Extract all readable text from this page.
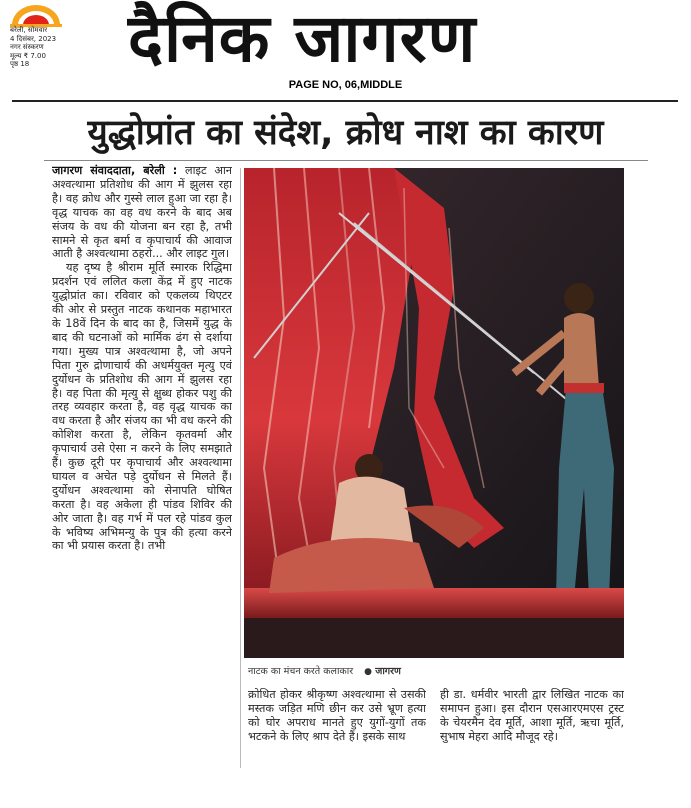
बरेली, सोमवार
4 दिसंबर, 2023
नगर संस्करण
मूल्य ₹ 7.00
पृष्ठ 18	दैनिक जागरण
PAGE NO, 06,MIDDLE
युद्धोप्रांत का संदेश, क्रोध नाश का कारण

जागरण संवाददाता, बरेली : लाइट आन अश्वत्थामा प्रतिशोध की आग में झुलस रहा है। वह क्रोध और गुस्से लाल हुआ जा रहा है। वृद्ध याचक का वह वध करने के बाद अब संजय के वध की योजना बन रहा है, तभी सामने से कृत बर्मा व कृपाचार्य की आवाज आती है अश्वत्थामा ठहरो... और लाइट गुल।

यह दृष्य है श्रीराम मूर्ति स्मारक रिद्धिमा प्रदर्शन एवं ललित कला केंद्र में हुए नाटक युद्धोप्रांत का। रविवार को एकलव्य थिएटर की ओर से प्रस्तुत नाटक कथानक महाभारत के 18वें दिन के बाद का है, जिसमें युद्ध के बाद की घटनाओं को मार्मिक ढंग से दर्शाया गया। मुख्य पात्र अश्वत्थामा है, जो अपने पिता गुरु द्रोणाचार्य की अधर्मयुक्त मृत्यु एवं दुर्योधन के प्रतिशोध की आग में झुलस रहा है। वह पिता की मृत्यु से क्षुब्ध होकर पशु की तरह व्यवहार करता है, वह वृद्ध याचक का वध करता है और संजय का भी वध करने की कोशिश करता है, लेकिन कृतवर्मा और कृपाचार्य उसे ऐसा न करने के लिए समझाते हैं। कुछ दूरी पर कृपाचार्य और अश्वत्थामा घायल व अचेत पड़े दुर्योधन से मिलते हैं। दुर्योधन अश्वत्थामा को सेनापति घोषित करता है। वह अकेला ही पांडव शिविर की ओर जाता है। वह गर्भ में पल रहे पांडव कुल के भविष्य अभिमन्यु के पुत्र की हत्या करने का भी प्रयास करता है। तभी

नाटक का मंचन करते कलाकार ● जागरण
क्रोधित होकर श्रीकृष्ण अश्वत्थामा से उसकी मस्तक जड़ित मणि छीन कर उसे भ्रूण हत्या को घोर अपराध मानते हुए युगों-युगों तक भटकने के लिए श्राप देते हैं। इसके साथ
ही डा. धर्मवीर भारती द्वार लिखित नाटक का समापन हुआ। इस दौरान एसआरएमएस ट्रस्ट के चेयरमैन देव मूर्ति, आशा मूर्ति, ऋचा मूर्ति, सुभाष मेहरा आदि मौजूद रहे।
